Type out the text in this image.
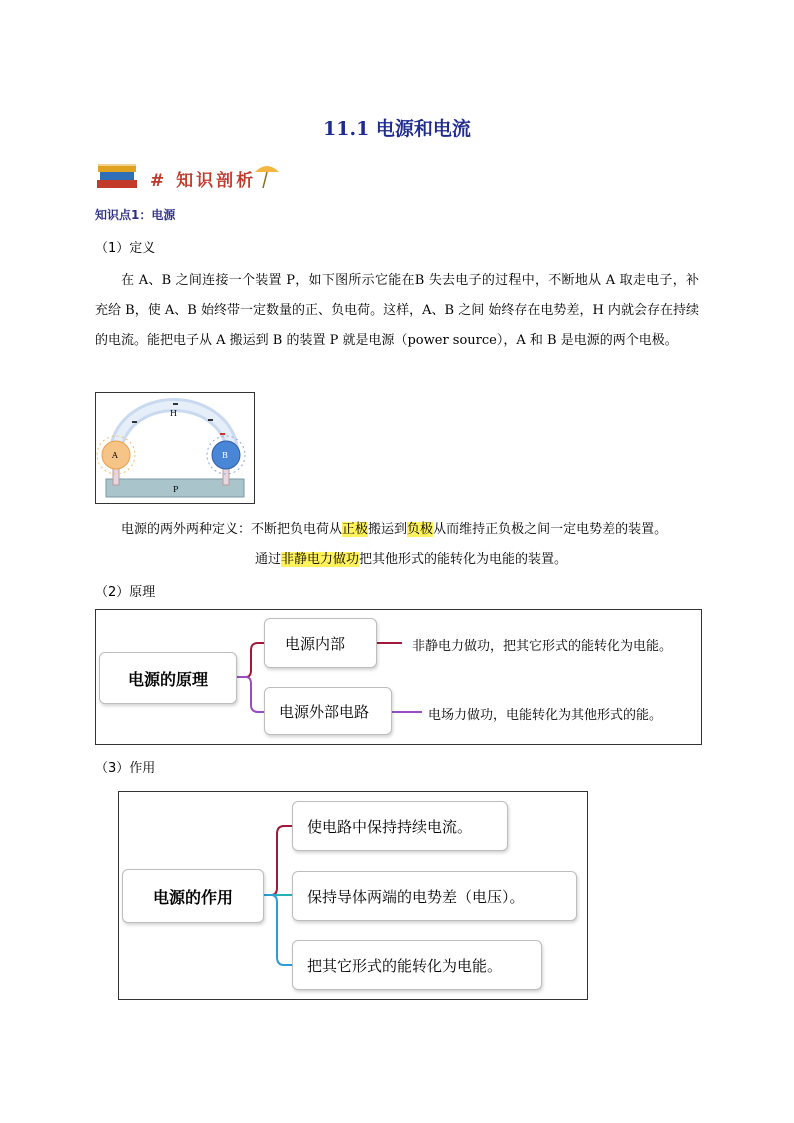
11.1 电源和电流
# 知识剖析
知识点1：电源
（1）定义
在 A、B 之间连接一个装置 P，如下图所示它能在B 失去电子的过程中，不断地从 A 取走电子，补充给 B，使 A、B 始终带一定数量的正、负电荷。这样，A、B 之间 始终存在电势差，H 内就会存在持续的电流。能把电子从 A 搬运到 B 的装置 P 就是电源（power source），A 和 B 是电源的两个电极。
P
A	B
H
电源的两外两种定义：不断把负电荷从正极搬运到负极从而维持正负极之间一定电势差的装置。
通过非静电力做功把其他形式的能转化为电能的装置。
（2）原理
电源的原理
电源内部
电源外部电路
非静电力做功，把其它形式的能转化为电能。
电场力做功，电能转化为其他形式的能。
（3）作用
电源的作用
使电路中保持持续电流。
保持导体两端的电势差（电压）。
把其它形式的能转化为电能。
